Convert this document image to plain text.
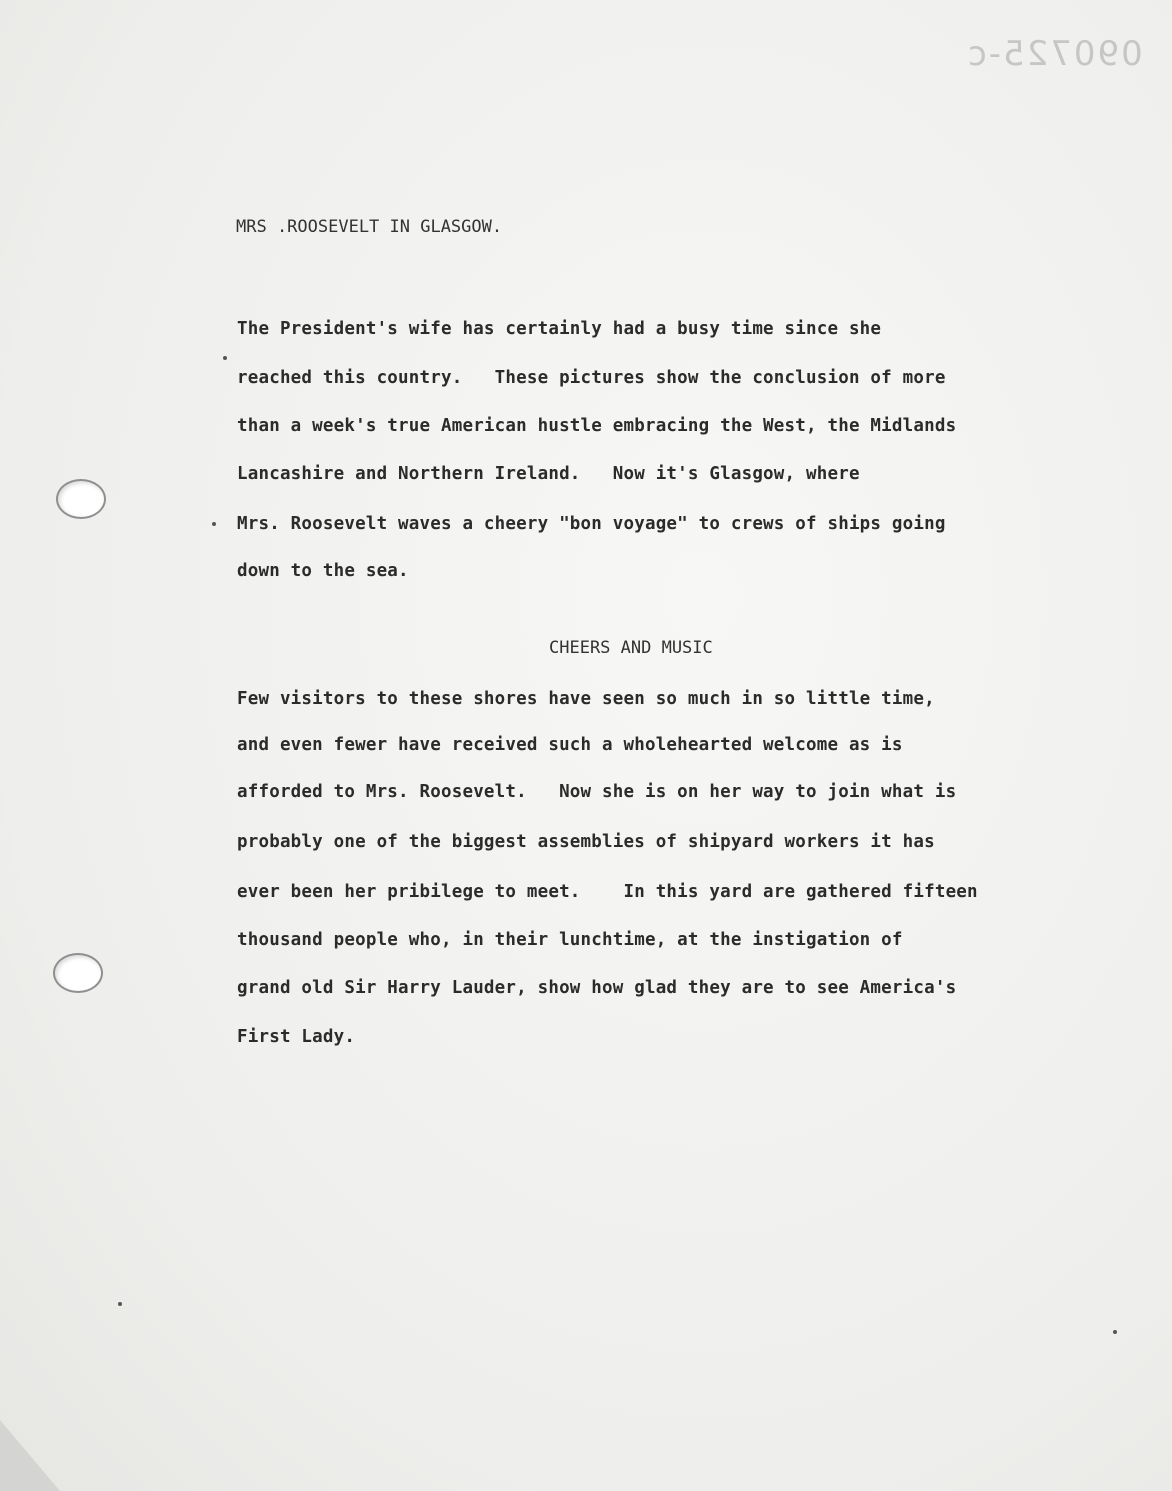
090725-c
MRS .ROOSEVELT IN GLASGOW.
The President's wife has certainly had a busy time since she
reached this country.   These pictures show the conclusion of more
than a week's true American hustle embracing the West, the Midlands
Lancashire and Northern Ireland.   Now it's Glasgow, where
Mrs. Roosevelt waves a cheery "bon voyage" to crews of ships going
down to the sea.
CHEERS AND MUSIC
Few visitors to these shores have seen so much in so little time,
and even fewer have received such a wholehearted welcome as is
afforded to Mrs. Roosevelt.   Now she is on her way to join what is
probably one of the biggest assemblies of shipyard workers it has
ever been her pribilege to meet.    In this yard are gathered fifteen
thousand people who, in their lunchtime, at the instigation of
grand old Sir Harry Lauder, show how glad they are to see America's
First Lady.
